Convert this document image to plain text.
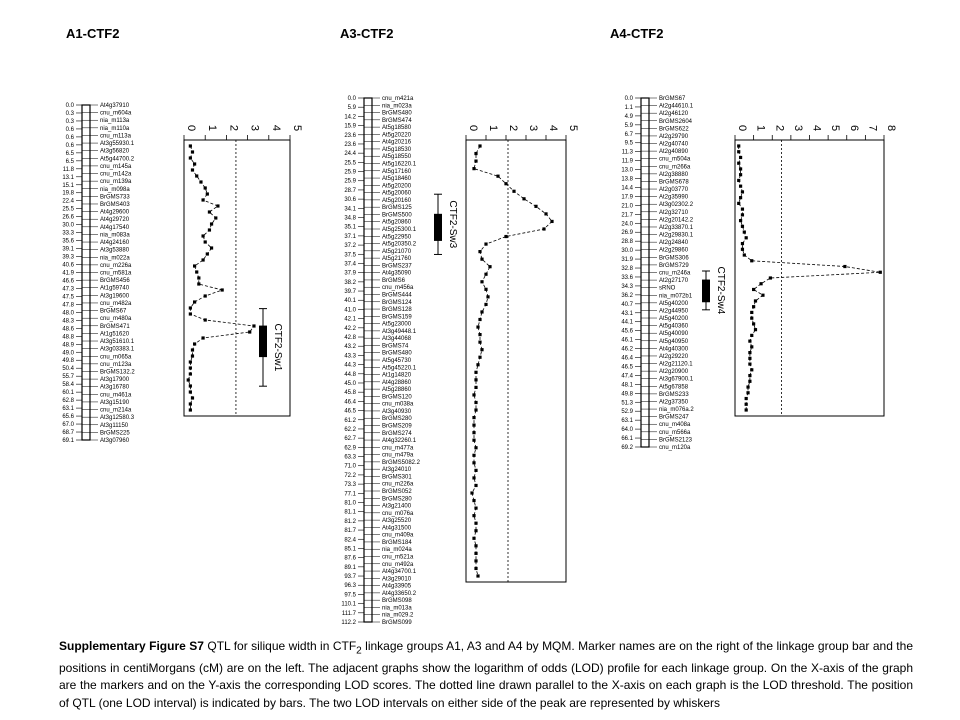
A1-CTF2	A3-CTF2	A4-CTF2
0.0
0.3
0.3
0.6
0.6
0.6
6.5
6.5
11.8
13.1
15.1
19.8
22.4
25.5
26.6
30.0
33.3
35.6
39.1
39.3
40.6
41.9
46.6
47.3
47.5
47.8
48.0
48.3
48.6
48.8
48.9
49.0
49.8
50.4
55.7
58.4
60.1
62.8
63.1
65.6
67.0
68.7
69.1
At4g37910
cnu_m604a
nia_m113a
nia_m110a
cnu_m113a
At3g55930.1
At3g56820
At5g44700.2
cnu_m145a
cnu_m142a
cnu_m139a
nia_m098a
BrGMS733
BrGMS403
At4g29600
At4g29720
At4g17540
nia_m083a
At4g24160
At3g53880
nia_m022a
cnu_m226a
cnu_m581a
BrGMS456
At1g59740
At3g19600
cnu_m482a
BrGMS67
cnu_m480a
BrGMS471
At1g51620
At3g51610.1
At3g03383.1
cnu_m065a
cnu_m123a
BrGMS132.2
At3g17900
At3g16780
cnu_m461a
At3g15190
cnu_m214a
At3g12580.3
At3g11150
BrGMS225
At3g07960
0 1 2 3 4 5
CTF2-Sw1
0.0
5.9
14.2
15.9
23.6
23.6
24.4
25.5
25.9
25.9
28.7
30.6
34.1
34.8
35.1
37.1
37.2
37.5
37.4
37.9
38.2
39.7
40.1
41.0
42.1
42.2
42.8
43.2
43.3
44.3
44.8
45.0
45.8
46.4
46.5
61.2
62.2
62.7
62.9
63.3
71.0
72.2
73.3
77.1
81.0
81.1
81.2
81.7
82.4
85.1
87.6
89.1
93.7
96.3
97.5
110.1
111.7
112.2
cnu_m421a
nia_m023a
BrGMS480
BrGMS474
At5g18580
At5g20220
At4g20216
At5g18530
At5g18550
At5g16220.1
At5g17160
At5g18460
At5g20200
At5g20060
At5g20160
BrGMS125
BrGMS500
At5g20860
At5g25300.1
At5g22950
At5g20350.2
At5g21070
At5g21760
BrGMS237
At4g35090
BrGMS6
cnu_m456a
BrGMS444
BrGMS124
BrGMS128
BrGMS159
At5g23000
At3g49448.1
At3g44068
BrGMS74
BrGMS480
At5g45730
At5g45220.1
At1g14820
At4g28860
At5g28860
BrGMS120
cnu_m038a
At3g40930
BrGMS280
BrGMS209
BrGMS274
At4g32260.1
cnu_m477a
cnu_m479a
BrGMS5082.2
At3g24010
BrGMS301
cnu_m226a
BrGMS052
BrGMS280
At3g21400
cnu_m076a
At3g25520
At4g31500
cnu_m409a
BrGMS184
nia_m024a
cnu_m521a
cnu_m492a
At4g34700.1
At3g29010
At4g33905
At4g33650.2
BrGMS098
nia_m013a
nia_m029.2
BrGMS099
0 1 2 3 4 5
CTF2-Sw3
0.0
1.1
4.9
5.9
6.7
9.5
11.3
11.9
13.0
13.8
14.4
17.9
21.0
21.7
24.0
26.9
28.8
30.0
31.9
32.8
33.6
34.3
36.2
40.7
43.1
44.1
45.6
46.1
46.2
46.4
46.5
47.4
48.1
49.8
51.3
52.9
63.1
64.0
66.1
69.2
BrGMS67
At2g44610.1
At2g46120
BrGMS2604
BrGMS622
At2g29790
At2g40740
At2g40890
cnu_m504a
cnu_m266a
At2g38880
BrGMS678
At2g03770
At2g35990
At3g02302.2
At2g32710
At2g20142.2
At2g33870.1
At2g29830.1
At2g24840
At2g29860
BrGMS306
BrGMS729
cnu_m246a
At2g27170
sRNO
nia_m072b1
At5g40200
At2g44950
At5g40200
At5g40360
At5g40090
At5g40950
At4g40300
At2g29220
At2g21120.1
At2g20900
At3g67900.1
At5g67858
BrGMS233
At2g37350
nia_m076a.2
BrGMS247
cnu_m408a
cnu_m566a
BrGMS2123
cnu_m120a
0 1 2 3 4 5 6 7 8
CTF2-Sw4
Supplementary Figure S7 QTL for silique width in $CTF_2$ linkage groups A1, A3 and A4 by MQM. Marker names are on the right of the linkage group bar and the positions in centiMorgans (cM) are on the left. The adjacent graphs show the logarithm of odds (LOD) profile for each linkage group. On the X-axis of the graph are the markers and on the Y-axis the corresponding LOD scores. The dotted line drawn parallel to the X-axis on each graph is the LOD threshold. The position of QTL (one LOD interval) is indicated by bars. The two LOD intervals on either side of the peak are represented by whiskers
